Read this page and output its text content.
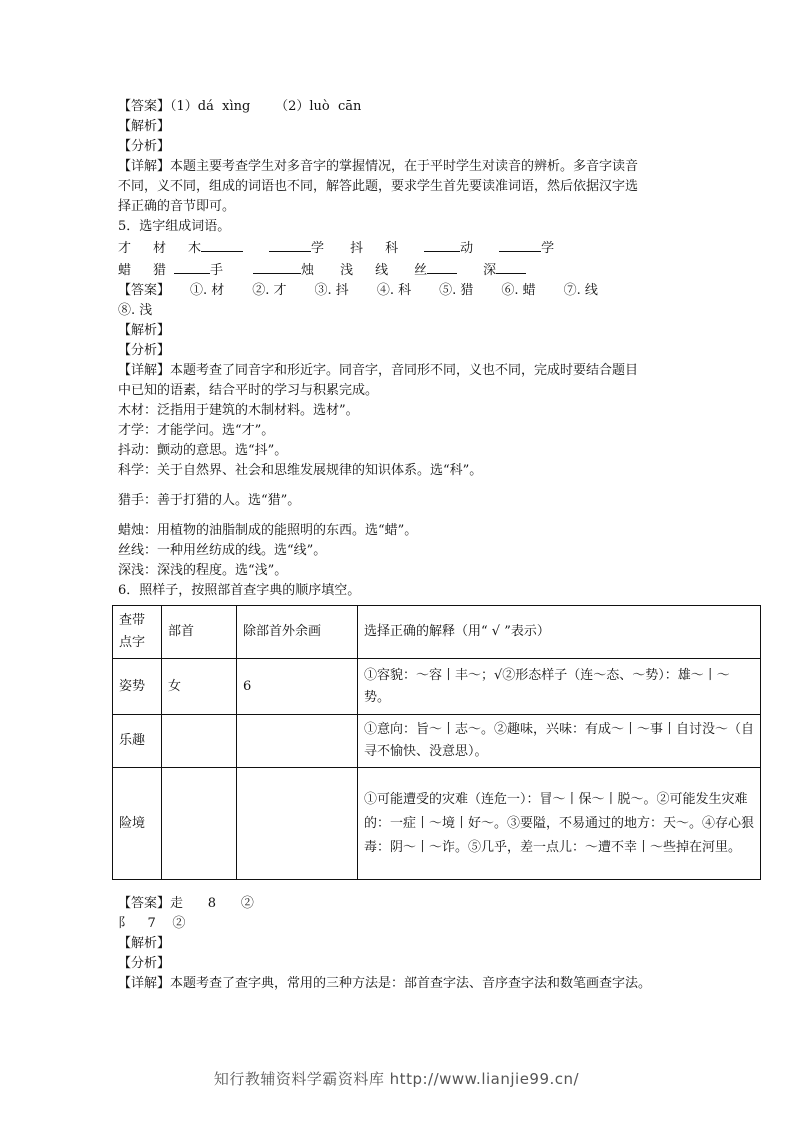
【答案】（1）dá  xìng      （2）luò  cān
【解析】
【分析】
【详解】本题主要考查学生对多音字的掌握情况，在于平时学生对读音的辨析。多音字读音
不同，义不同，组成的词语也不同，解答此题，要求学生首先要读准词语，然后依据汉字选
择正确的音节即可。
5．选字组成词语。
才 材 木	学 抖 科	动	学
蜡 猎	手	烛 浅 线 丝	深
【答案】 ①. 材 ②. 才 ③. 抖 ④. 科 ⑤. 猎 ⑥. 蜡 ⑦. 线
⑧. 浅
【解析】
【分析】
【详解】本题考查了同音字和形近字。同音字，音同形不同，义也不同，完成时要结合题目
中已知的语素，结合平时的学习与积累完成。
木材：泛指用于建筑的木制材料。选材”。
才学：才能学问。选“才”。
抖动：颤动的意思。选“抖”。
科学：关于自然界、社会和思维发展规律的知识体系。选“科”。
猎手：善于打猎的人。选“猎”。
蜡烛：用植物的油脂制成的能照明的东西。选“蜡”。
丝线：一种用丝纺成的线。选“线”。
深浅：深浅的程度。选“浅”。
6．照样子，按照部首查字典的顺序填空。
查带点字	部首	除部首外余画	选择正确的解释（用“ √ ”表示）
姿势	女	6	①容貌：～容丨丰～；√②形态样子（连～态、～势）：雄～丨～势。
乐趣			①意向：旨～丨志～。②趣味，兴味：有成～丨～事丨自讨没～（自寻不愉快、没意思）。
险境			①可能遭受的灾难（连危一）：冒～丨保～丨脱～。②可能发生灾难的：一症丨～境丨好～。③要隘，不易通过的地方：天～。④存心狠毒：阴～丨～诈。⑤几乎，差一点儿：～遭不幸丨～些掉在河里。
【答案】走      8      ②
阝    7    ②
【解析】
【分析】
【详解】本题考查了查字典，常用的三种方法是：部首查字法、音序查字法和数笔画查字法。
知行教辅资料学霸资料库 http://www.lianjie99.cn/
